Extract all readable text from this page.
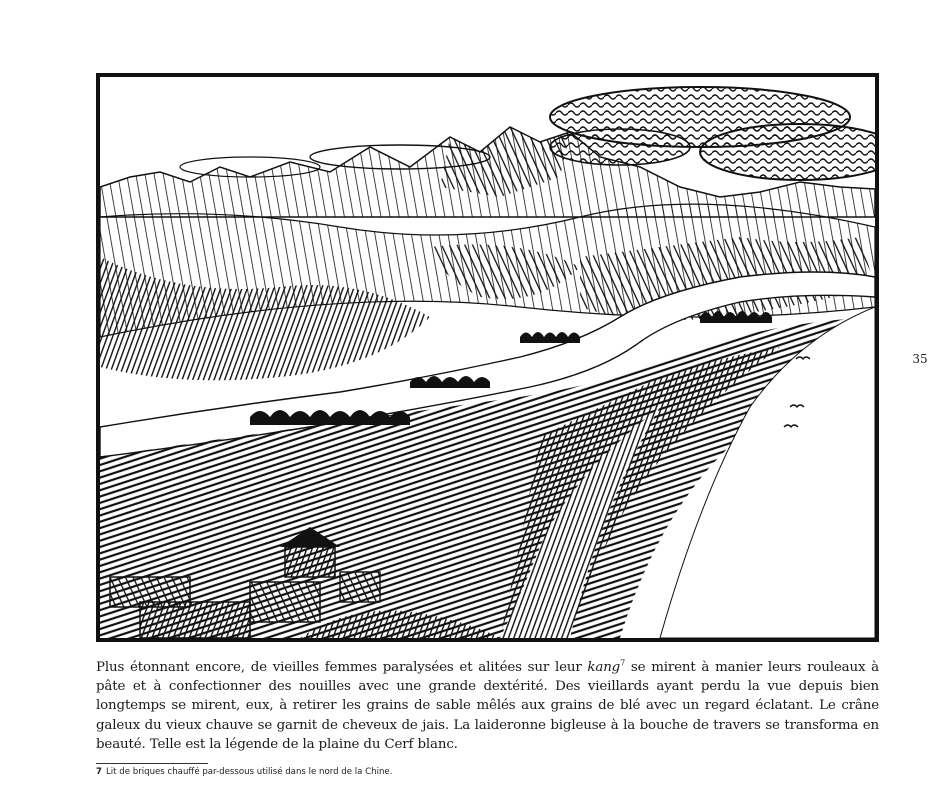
35

Plus étonnant encore, de vieilles femmes paralysées et alitées sur leur kang$^7$ se mirent à manier leurs rouleaux à pâte et à confectionner des nouilles avec une grande dextérité. Des vieillards ayant perdu la vue depuis bien longtemps se mirent, eux, à retirer les grains de sable mêlés aux grains de blé avec un regard éclatant. Le crâne galeux du vieux chauve se garnit de cheveux de jais. La laideronne bigleuse à la bouche de travers se transforma en beauté. Telle est la légende de la plaine du Cerf blanc.

7 Lit de briques chauffé par-dessous utilisé dans le nord de la Chine.
